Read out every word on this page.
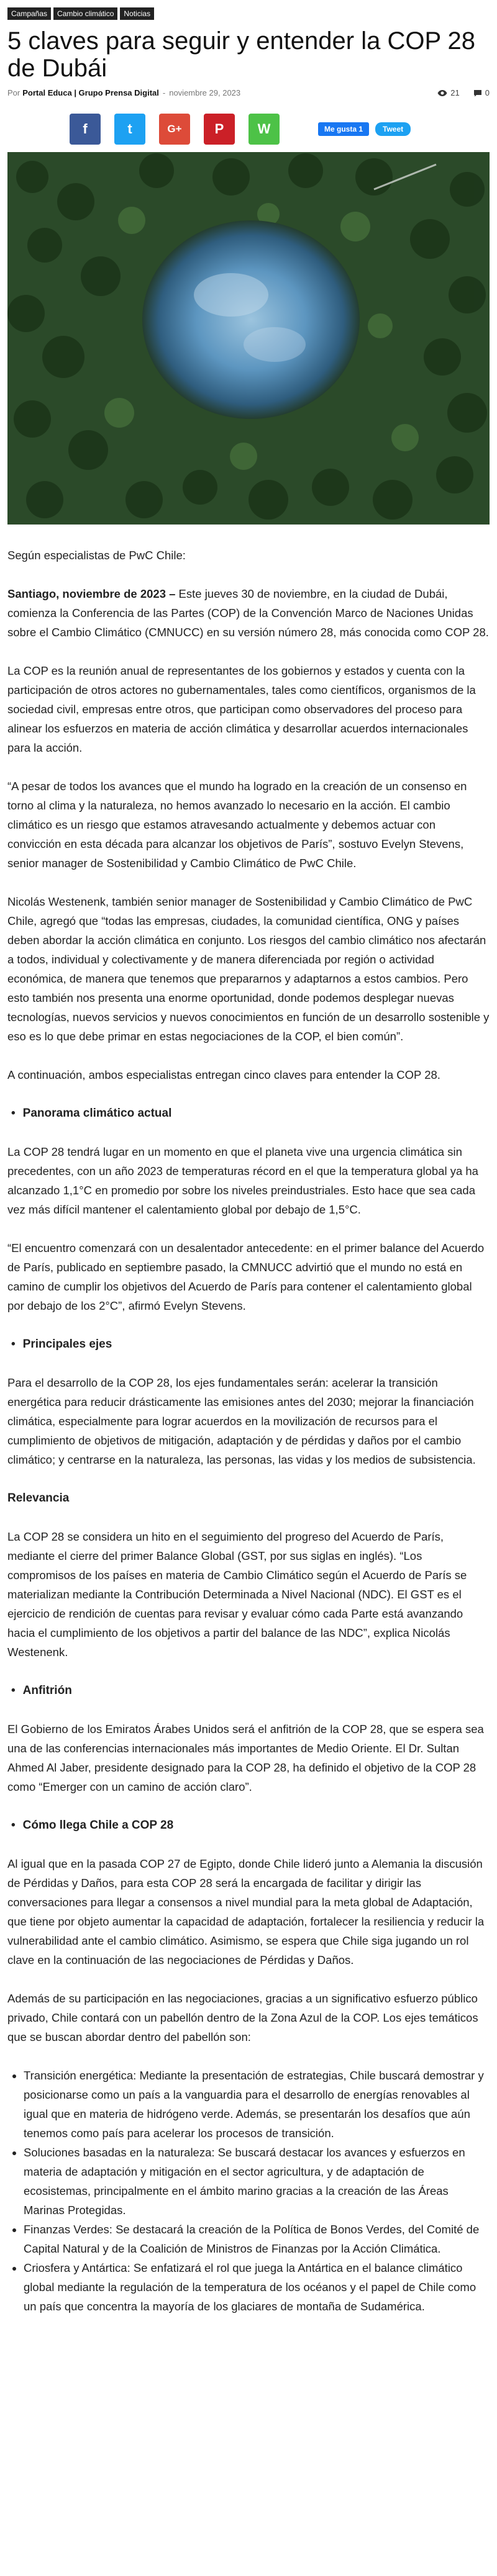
Campañas	Cambio climático	Noticias
5 claves para seguir y entender la COP 28 de Dubái
Por Portal Educa | Grupo Prensa Digital - noviembre 29, 2023	21	0
f	t	G+ P W	Me gusta 1	Tweet

Según especialistas de PwC Chile:

Santiago, noviembre de 2023 – Este jueves 30 de noviembre, en la ciudad de Dubái, comienza la Conferencia de las Partes (COP) de la Convención Marco de Naciones Unidas sobre el Cambio Climático (CMNUCC) en su versión número 28, más conocida como COP 28.

La COP es la reunión anual de representantes de los gobiernos y estados y cuenta con la participación de otros actores no gubernamentales, tales como científicos, organismos de la sociedad civil, empresas entre otros, que participan como observadores del proceso para alinear los esfuerzos en materia de acción climática y desarrollar acuerdos internacionales para la acción.

“A pesar de todos los avances que el mundo ha logrado en la creación de un consenso en torno al clima y la naturaleza, no hemos avanzado lo necesario en la acción. El cambio climático es un riesgo que estamos atravesando actualmente y debemos actuar con convicción en esta década para alcanzar los objetivos de París”, sostuvo Evelyn Stevens, senior manager de Sostenibilidad y Cambio Climático de PwC Chile.

Nicolás Westenenk, también senior manager de Sostenibilidad y Cambio Climático de PwC Chile, agregó que “todas las empresas, ciudades, la comunidad científica, ONG y países deben abordar la acción climática en conjunto. Los riesgos del cambio climático nos afectarán a todos, individual y colectivamente y de manera diferenciada por región o actividad económica, de manera que tenemos que prepararnos y adaptarnos a estos cambios. Pero esto también nos presenta una enorme oportunidad, donde podemos desplegar nuevas tecnologías, nuevos servicios y nuevos conocimientos en función de un desarrollo sostenible y eso es lo que debe primar en estas negociaciones de la COP, el bien común”.

A continuación, ambos especialistas entregan cinco claves para entender la COP 28.

• Panorama climático actual

La COP 28 tendrá lugar en un momento en que el planeta vive una urgencia climática sin precedentes, con un año 2023 de temperaturas récord en el que la temperatura global ya ha alcanzado 1,1°C en promedio por sobre los niveles preindustriales. Esto hace que sea cada vez más difícil mantener el calentamiento global por debajo de 1,5°C.

“El encuentro comenzará con un desalentador antecedente: en el primer balance del Acuerdo de París, publicado en septiembre pasado, la CMNUCC advirtió que el mundo no está en camino de cumplir los objetivos del Acuerdo de París para contener el calentamiento global por debajo de los 2°C”, afirmó Evelyn Stevens.

• Principales ejes

Para el desarrollo de la COP 28, los ejes fundamentales serán: acelerar la transición energética para reducir drásticamente las emisiones antes del 2030; mejorar la financiación climática, especialmente para lograr acuerdos en la movilización de recursos para el cumplimiento de objetivos de mitigación, adaptación y de pérdidas y daños por el cambio climático; y centrarse en la naturaleza, las personas, las vidas y los medios de subsistencia.

Relevancia

La COP 28 se considera un hito en el seguimiento del progreso del Acuerdo de París, mediante el cierre del primer Balance Global (GST, por sus siglas en inglés). “Los compromisos de los países en materia de Cambio Climático según el Acuerdo de París se materializan mediante la Contribución Determinada a Nivel Nacional (NDC). El GST es el ejercicio de rendición de cuentas para revisar y evaluar cómo cada Parte está avanzando hacia el cumplimiento de los objetivos a partir del balance de las NDC”, explica Nicolás Westenenk.

• Anfitrión

El Gobierno de los Emiratos Árabes Unidos será el anfitrión de la COP 28, que se espera sea una de las conferencias internacionales más importantes de Medio Oriente. El Dr. Sultan Ahmed Al Jaber, presidente designado para la COP 28, ha definido el objetivo de la COP 28 como “Emerger con un camino de acción claro”.

• Cómo llega Chile a COP 28

Al igual que en la pasada COP 27 de Egipto, donde Chile lideró junto a Alemania la discusión de Pérdidas y Daños, para esta COP 28 será la encargada de facilitar y dirigir las conversaciones para llegar a consensos a nivel mundial para la meta global de Adaptación, que tiene por objeto aumentar la capacidad de adaptación, fortalecer la resiliencia y reducir la vulnerabilidad ante el cambio climático. Asimismo, se espera que Chile siga jugando un rol clave en la continuación de las negociaciones de Pérdidas y Daños.

Además de su participación en las negociaciones, gracias a un significativo esfuerzo público privado, Chile contará con un pabellón dentro de la Zona Azul de la COP. Los ejes temáticos que se buscan abordar dentro del pabellón son:

• Transición energética: Mediante la presentación de estrategias, Chile buscará demostrar y posicionarse como un país a la vanguardia para el desarrollo de energías renovables al igual que en materia de hidrógeno verde. Además, se presentarán los desafíos que aún tenemos como país para acelerar los procesos de transición.
• Soluciones basadas en la naturaleza: Se buscará destacar los avances y esfuerzos en materia de adaptación y mitigación en el sector agricultura, y de adaptación de ecosistemas, principalmente en el ámbito marino gracias a la creación de las Áreas Marinas Protegidas.
• Finanzas Verdes: Se destacará la creación de la Política de Bonos Verdes, del Comité de Capital Natural y de la Coalición de Ministros de Finanzas por la Acción Climática.
• Criosfera y Antártica: Se enfatizará el rol que juega la Antártica en el balance climático global mediante la regulación de la temperatura de los océanos y el papel de Chile como un país que concentra la mayoría de los glaciares de montaña de Sudamérica.
